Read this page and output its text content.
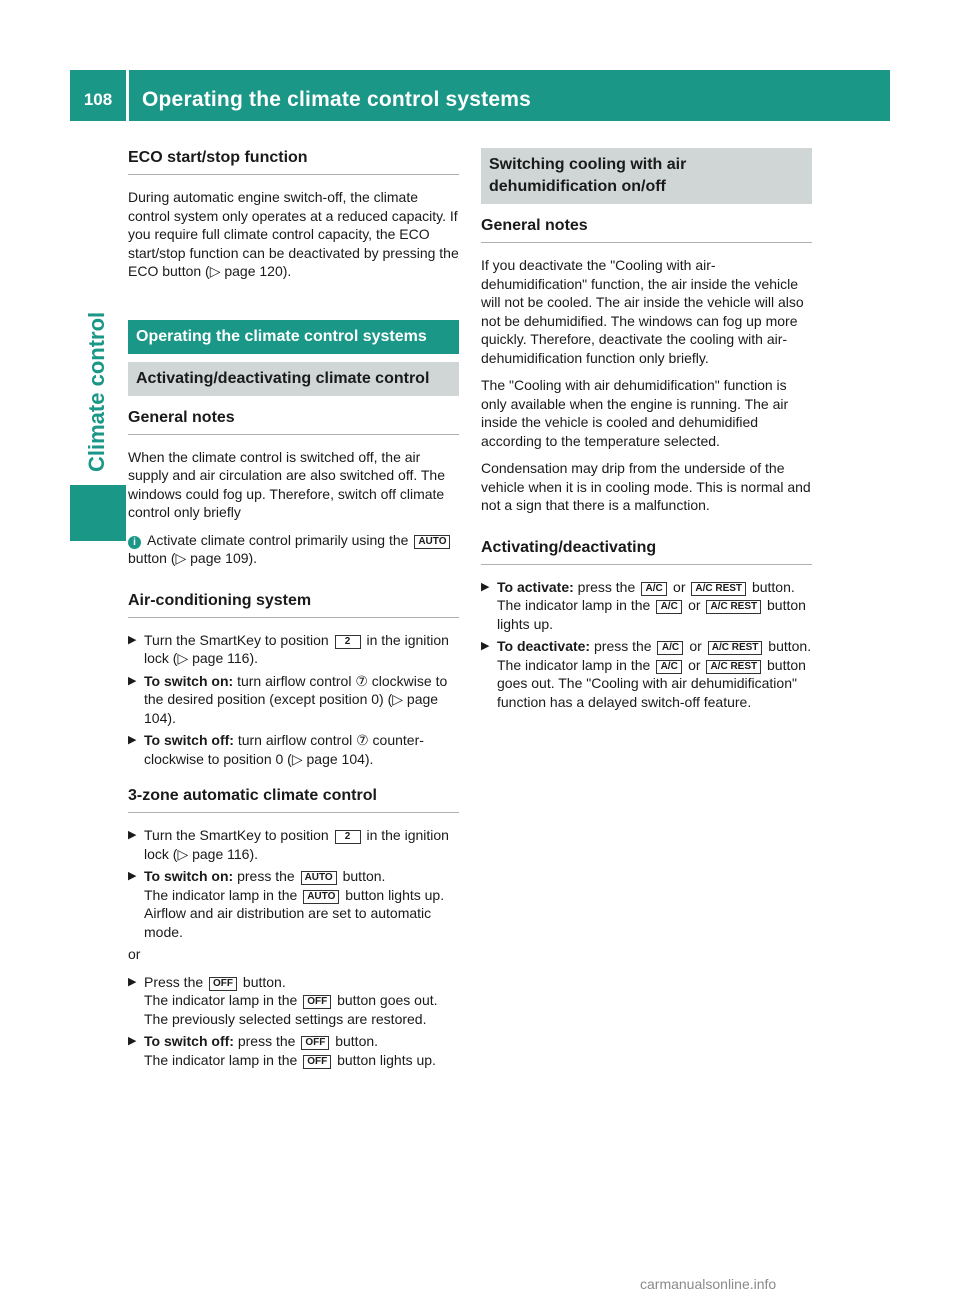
108	Operating the climate control systems
Climate control
ECO start/stop function

During automatic engine switch-off, the climate control system only operates at a reduced capacity. If you require full climate control capacity, the ECO start/stop function can be deactivated by pressing the ECO button (▷ page 120).

Operating the climate control systems
Activating/deactivating climate control
General notes

When the climate control is switched off, the air supply and air circulation are also switched off. The windows could fog up. Therefore, switch off climate control only briefly

i Activate climate control primarily using the AUTO button (▷ page 109).

Air-conditioning system
▶ Turn the SmartKey to position 2 in the ignition lock (▷ page 116).
▶ To switch on: turn airflow control ⑦ clockwise to the desired position (except position 0) (▷ page 104).
▶ To switch off: turn airflow control ⑦ counter-clockwise to position 0 (▷ page 104).
3-zone automatic climate control
▶ Turn the SmartKey to position 2 in the ignition lock (▷ page 116).
▶ To switch on: press the AUTO button.
The indicator lamp in the AUTO button lights up. Airflow and air distribution are set to automatic mode.

or

▶ Press the OFF button.
The indicator lamp in the OFF button goes out. The previously selected settings are restored.
▶ To switch off: press the OFF button.
The indicator lamp in the OFF button lights up.
Switching cooling with air dehumidification on/off
General notes

If you deactivate the "Cooling with air-dehumidification" function, the air inside the vehicle will not be cooled. The air inside the vehicle will also not be dehumidified. The windows can fog up more quickly. Therefore, deactivate the cooling with air-dehumidification function only briefly.

The "Cooling with air dehumidification" function is only available when the engine is running. The air inside the vehicle is cooled and dehumidified according to the temperature selected.

Condensation may drip from the underside of the vehicle when it is in cooling mode. This is normal and not a sign that there is a malfunction.

Activating/deactivating
▶ To activate: press the A/C or A/C REST button.
The indicator lamp in the A/C or A/C REST button lights up.
▶ To deactivate: press the A/C or A/C REST button.
The indicator lamp in the A/C or A/C REST button goes out. The "Cooling with air dehumidification" function has a delayed switch-off feature.
carmanualsonline.info
